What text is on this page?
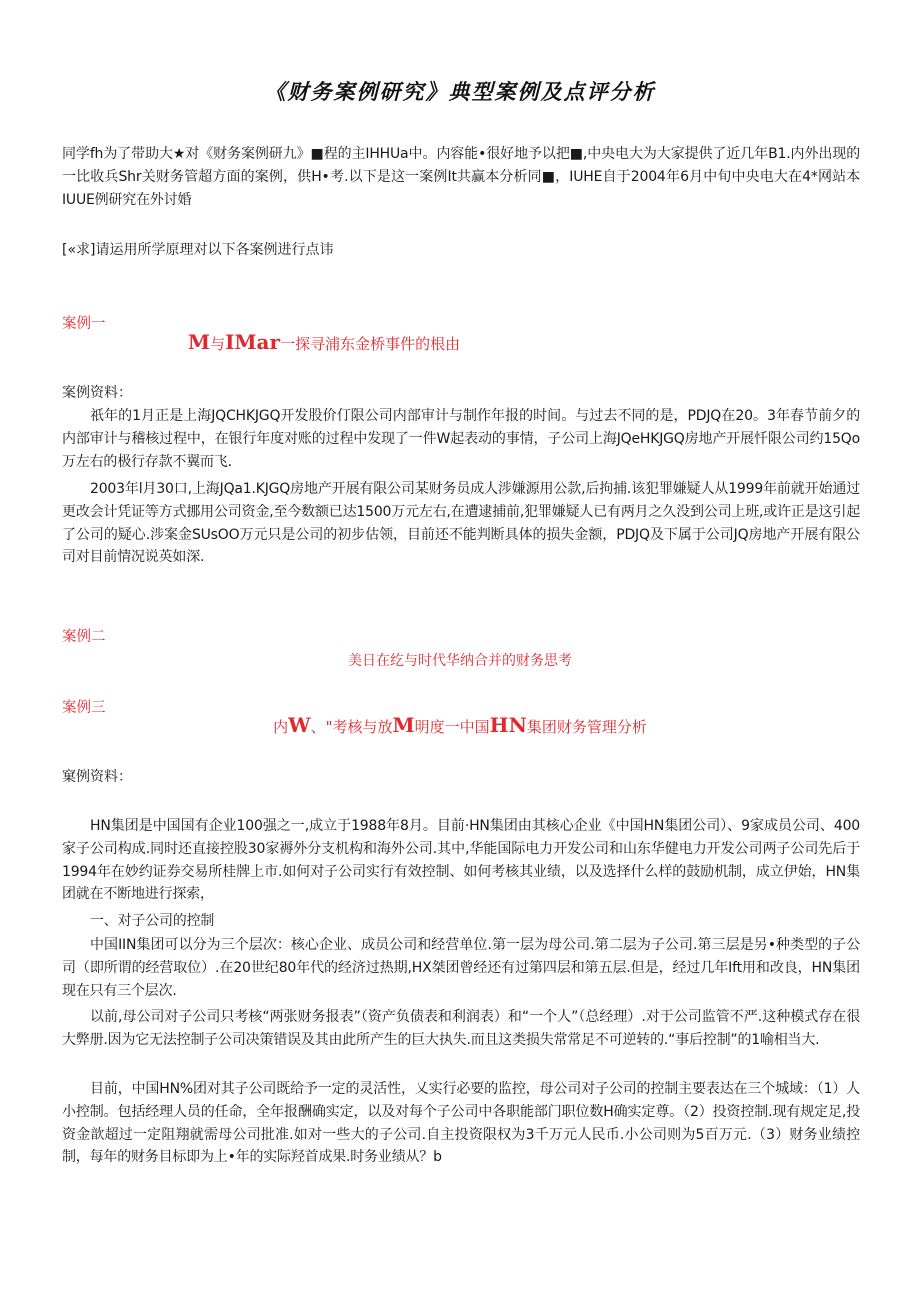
《财务案例研究》典型案例及点评分析

同学fh为了带助大★对《财务案例研九》■程的主IHHUa中。内容能•很好地予以把■,中央电大为大家提供了近几年B1.内外出现的一比收兵Shr关财务管超方面的案例，供H•考.以下是这一案例It共赢本分析同■，IUHE自于2004年6月中旬中央电大在4*网站本IUUE例研究在外讨婚

[«求]请运用所学原理对以下各案例进行点讳

案例一

M与IMar一探寻浦东金桥事件的根由

案例资料：

祇年的1月正是上海JQCHKJGQ开发股价仃限公司内部审计与制作年报的时间。与过去不同的是，PDJQ在20。3年春节前夕的内部审计与稽核过程中，在银行年度对账的过程中发现了一件W起表动的事情，子公司上海JQeHKJGQ房地产开展忏限公司约15Qo万左右的极行存款不翼而飞.

2003年l月30口,上海JQa1.KJGQ房地产开展有限公司某财务员成人涉嫌源用公款,后拘捕.该犯罪嫌疑人从1999年前就开始通过更改会计凭证等方式挪用公司资金,至今数额已达1500万元左右,在遭逮捕前,犯罪嫌疑人已有两月之久没到公司上班,或许正是这引起了公司的疑心.涉案金SUsOO万元只是公司的初步估领，目前还不能判断具体的损失金额，PDJQ及下属于公司JQ房地产开展有限公司对目前情况说英如深.

案例二

美日在纥与时代华纳合并的财务思考

案例三

内W、"考核与放M明度一中国HN集团财务管理分析

窠例资料：

HN集团是中国国有企业100强之一,成立于1988年8月。目前·HN集团由其核心企业《中国HN集团公司）、9家成员公司、400家子公司构成.同时还直接控股30家褥外分支机构和海外公司.其中,华能国际电力开发公司和山东华健电力开发公司两子公司先后于1994年在妙约证券交易所桂牌上市.如何对子公司实行有效控制、如何考核其业绩，以及选择什么样的鼓励机制，成立伊始，HN集团就在不断地进行探索，

一、对子公司的控制

中国IIN集团可以分为三个层次：核心企业、成员公司和经营单位.第一层为母公司.第二层为子公司.第三层是另•种类型的子公司（即所谓的经营取位）.在20世纪80年代的经济过热期,HX桀团曾经还有过第四层和第五层.但是，经过几年Ift用和改良，HN集团现在只有三个层次.

以前,母公司对子公司只考核“两张财务报表”（资产负债表和利润表）和“一个人”（总经理）.对于公司监管不严.这种模式存在很大弊册.因为它无法控制子公司决策错误及其由此所产生的巨大执失.而且这类损失常常足不可逆转的.“事后控制”的1喻相当大.

目前，中国HN%团对其子公司既给予一定的灵活性，乂实行必要的监控，母公司对子公司的控制主要表达在三个城域：（1）人小控制。包括经理人员的任命，全年报酬确实定，以及对每个子公司中各职能部门职位数H确实定尊。（2）投资控制.现有规定足,投资金歆超过一定阻翔就需母公司批准.如对一些大的子公司.自主投资限权为3千万元人民币.小公司则为5百万元.（3）财务业绩控制，每年的财务目标即为上•年的实际羟首成果.时务业绩从？b
